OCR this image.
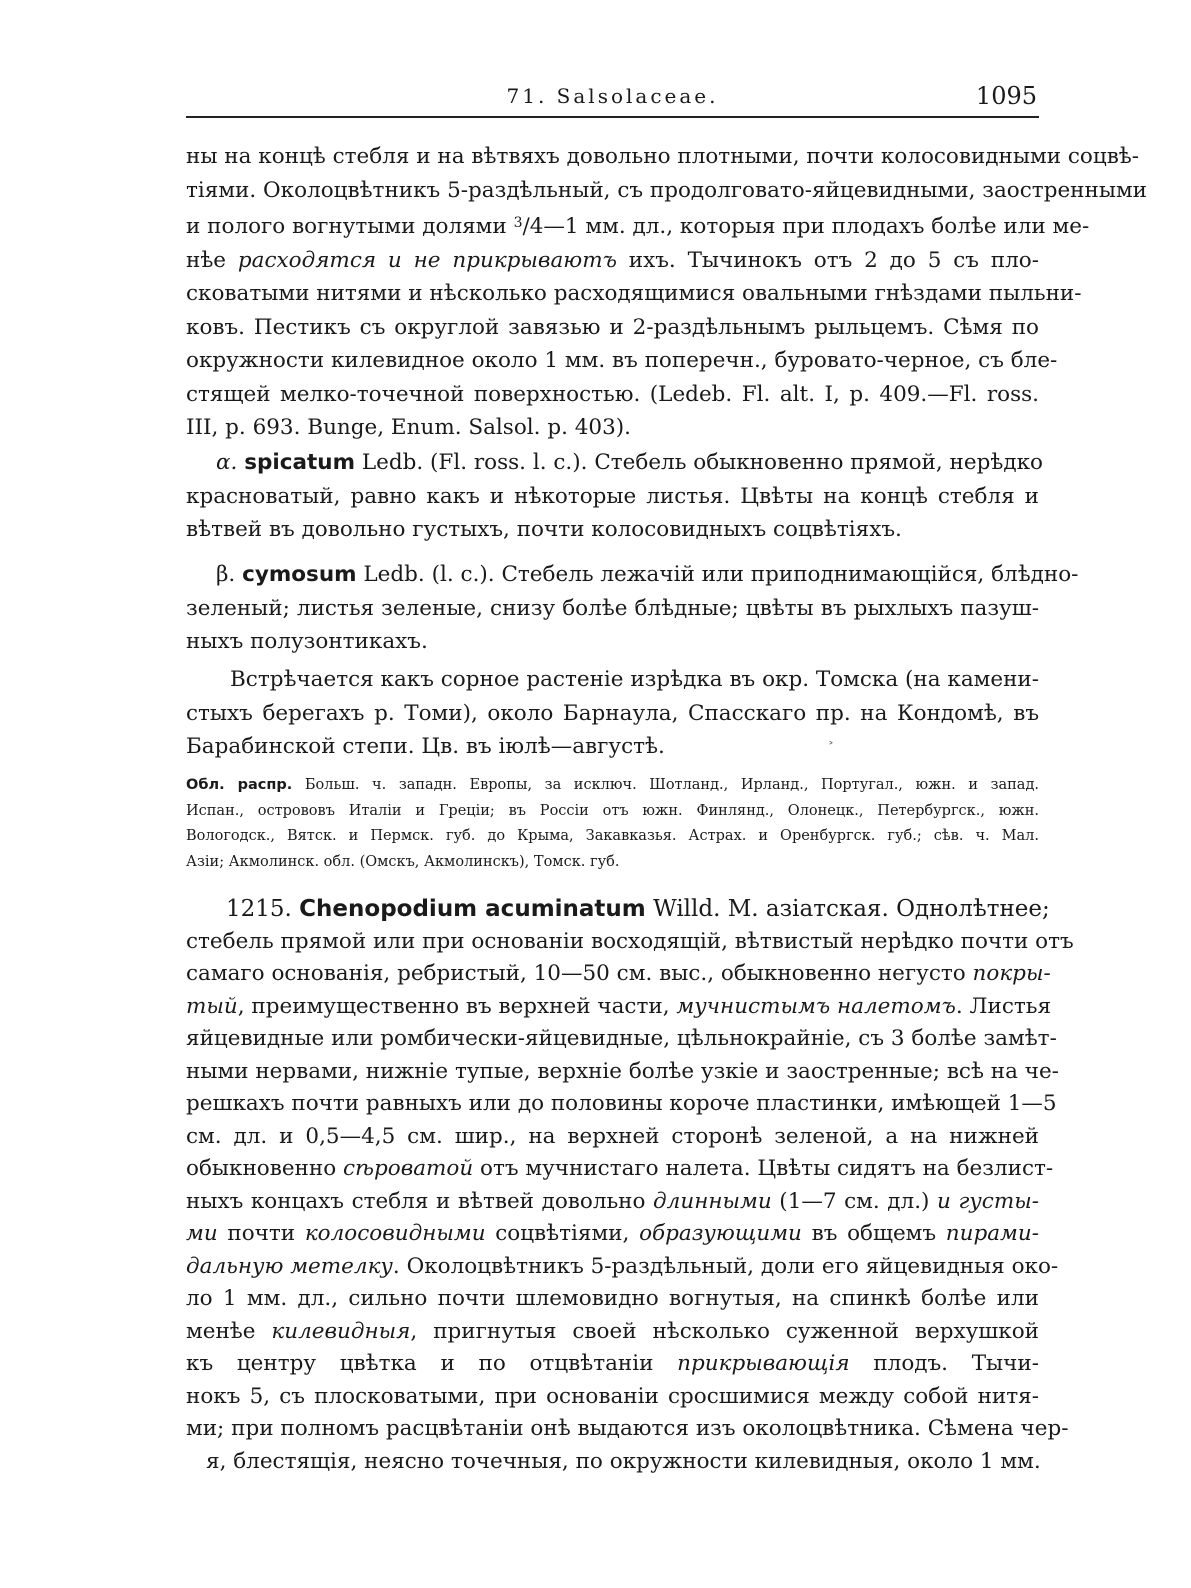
71. Salsolaceae.	1095
ны на концѣ стебля и на вѣтвяхъ довольно плотными, почти колосовидными соцвѣ-
тіями. Околоцвѣтникъ 5-раздѣльный, съ продолговато-яйцевидными, заостренными
и полого вогнутыми долями $^3$/4—1 мм. дл., которыя при плодахъ болѣе или ме-
нѣе расходятся и не прикрываютъ ихъ. Тычинокъ отъ 2 до 5 съ пло-
сковатыми нитями и нѣсколько расходящимися овальными гнѣздами пыльни-
ковъ. Пестикъ съ округлой завязью и 2-раздѣльнымъ рыльцемъ. Сѣмя по
окружности килевидное около 1 мм. въ поперечн., буровато-черное, съ бле-
стящей мелко-точечной поверхностью. (Ledeb. Fl. alt. I, p. 409.—Fl. ross.
III, p. 693. Bunge, Enum. Salsol. p. 403).
α. spicatum Ledb. (Fl. ross. l. c.). Стебель обыкновенно прямой, нерѣдко
красноватый, равно какъ и нѣкоторые листья. Цвѣты на концѣ стебля и
вѣтвей въ довольно густыхъ, почти колосовидныхъ соцвѣтіяхъ.
β. cymosum Ledb. (l. c.). Стебель лежачій или приподнимающійся, блѣдно-
зеленый; листья зеленые, снизу болѣе блѣдные; цвѣты въ рыхлыхъ пазуш-
ныхъ полузонтикахъ.
Встрѣчается какъ сорное растеніе изрѣдка въ окр. Томска (на камени-
стыхъ берегахъ р. Томи), около Барнаула, Спасскаго пр. на Кондомѣ, въ
Барабинской степи. Цв. въ іюлѣ—августѣ.	˃
Обл. распр. Больш. ч. западн. Европы, за исключ. Шотланд., Ирланд., Португал., южн. и запад.
Испан., острововъ Италіи и Греціи; въ Россіи отъ южн. Финлянд., Олонецк., Петербургск., южн.
Вологодск., Вятск. и Пермск. губ. до Крыма, Закавказья. Астрах. и Оренбургск. губ.; сѣв. ч. Мал.
Азіи; Акмолинск. обл. (Омскъ, Акмолинскъ), Томск. губ.
1215. Chenopodium acuminatum Willd. М. азіатская. Однолѣтнее;
стебель прямой или при основаніи восходящій, вѣтвистый нерѣдко почти отъ
самаго основанія, ребристый, 10—50 см. выс., обыкновенно негусто покры-
тый, преимущественно въ верхней части, мучнистымъ налетомъ. Листья
яйцевидные или ромбически-яйцевидные, цѣльнокрайніе, съ 3 болѣе замѣт-
ными нервами, нижніе тупые, верхніе болѣе узкіе и заостренные; всѣ на че-
решкахъ почти равныхъ или до половины короче пластинки, имѣющей 1—5
см. дл. и 0,5—4,5 см. шир., на верхней сторонѣ зеленой, а на нижней
обыкновенно сѣроватой отъ мучнистаго налета. Цвѣты сидятъ на безлист-
ныхъ концахъ стебля и вѣтвей довольно длинными (1—7 см. дл.) и густы-
ми почти колосовидными соцвѣтіями, образующими въ общемъ пирами-
дальную метелку. Околоцвѣтникъ 5-раздѣльный, доли его яйцевидныя око-
ло 1 мм. дл., сильно почти шлемовидно вогнутыя, на спинкѣ болѣе или
менѣе килевидныя, пригнутыя своей нѣсколько суженной верхушкой
къ центру цвѣтка и по отцвѣтаніи прикрывающія плодъ. Тычи-
нокъ 5, съ плосковатыми, при основаніи сросшимися между собой нитя-
ми; при полномъ расцвѣтаніи онѣ выдаются изъ околоцвѣтника. Сѣмена чер-
я, блестящія, неясно точечныя, по окружности килевидныя, около 1 мм.
